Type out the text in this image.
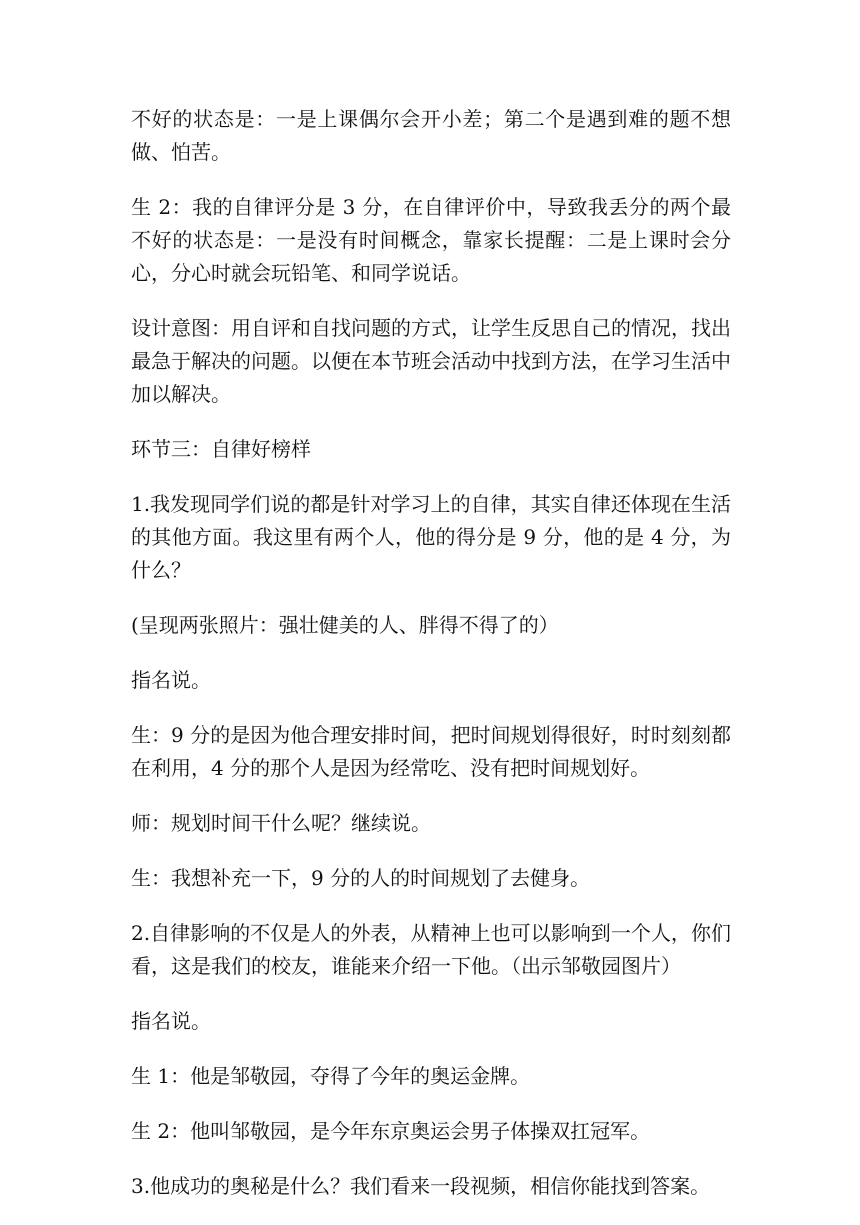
不好的状态是：一是上课偶尔会开小差；第二个是遇到难的题不想做、怕苦。

生 2：我的自律评分是 3 分，在自律评价中，导致我丢分的两个最不好的状态是：一是没有时间概念，靠家长提醒：二是上课时会分心，分心时就会玩铅笔、和同学说话。

设计意图：用自评和自找问题的方式，让学生反思自己的情况，找出最急于解决的问题。以便在本节班会活动中找到方法，在学习生活中加以解决。

环节三：自律好榜样

1.我发现同学们说的都是针对学习上的自律，其实自律还体现在生活的其他方面。我这里有两个人，他的得分是 9 分，他的是 4 分，为什么？

(呈现两张照片：强壮健美的人、胖得不得了的）

指名说。

生：9 分的是因为他合理安排时间，把时间规划得很好，时时刻刻都在利用，4 分的那个人是因为经常吃、没有把时间规划好。

师：规划时间干什么呢？继续说。

生：我想补充一下，9 分的人的时间规划了去健身。

2.自律影响的不仅是人的外表，从精神上也可以影响到一个人，你们看，这是我们的校友，谁能来介绍一下他。（出示邹敬园图片）

指名说。

生 1：他是邹敬园，夺得了今年的奥运金牌。

生 2：他叫邹敬园，是今年东京奥运会男子体操双扛冠军。

3.他成功的奥秘是什么？我们看来一段视频，相信你能找到答案。
